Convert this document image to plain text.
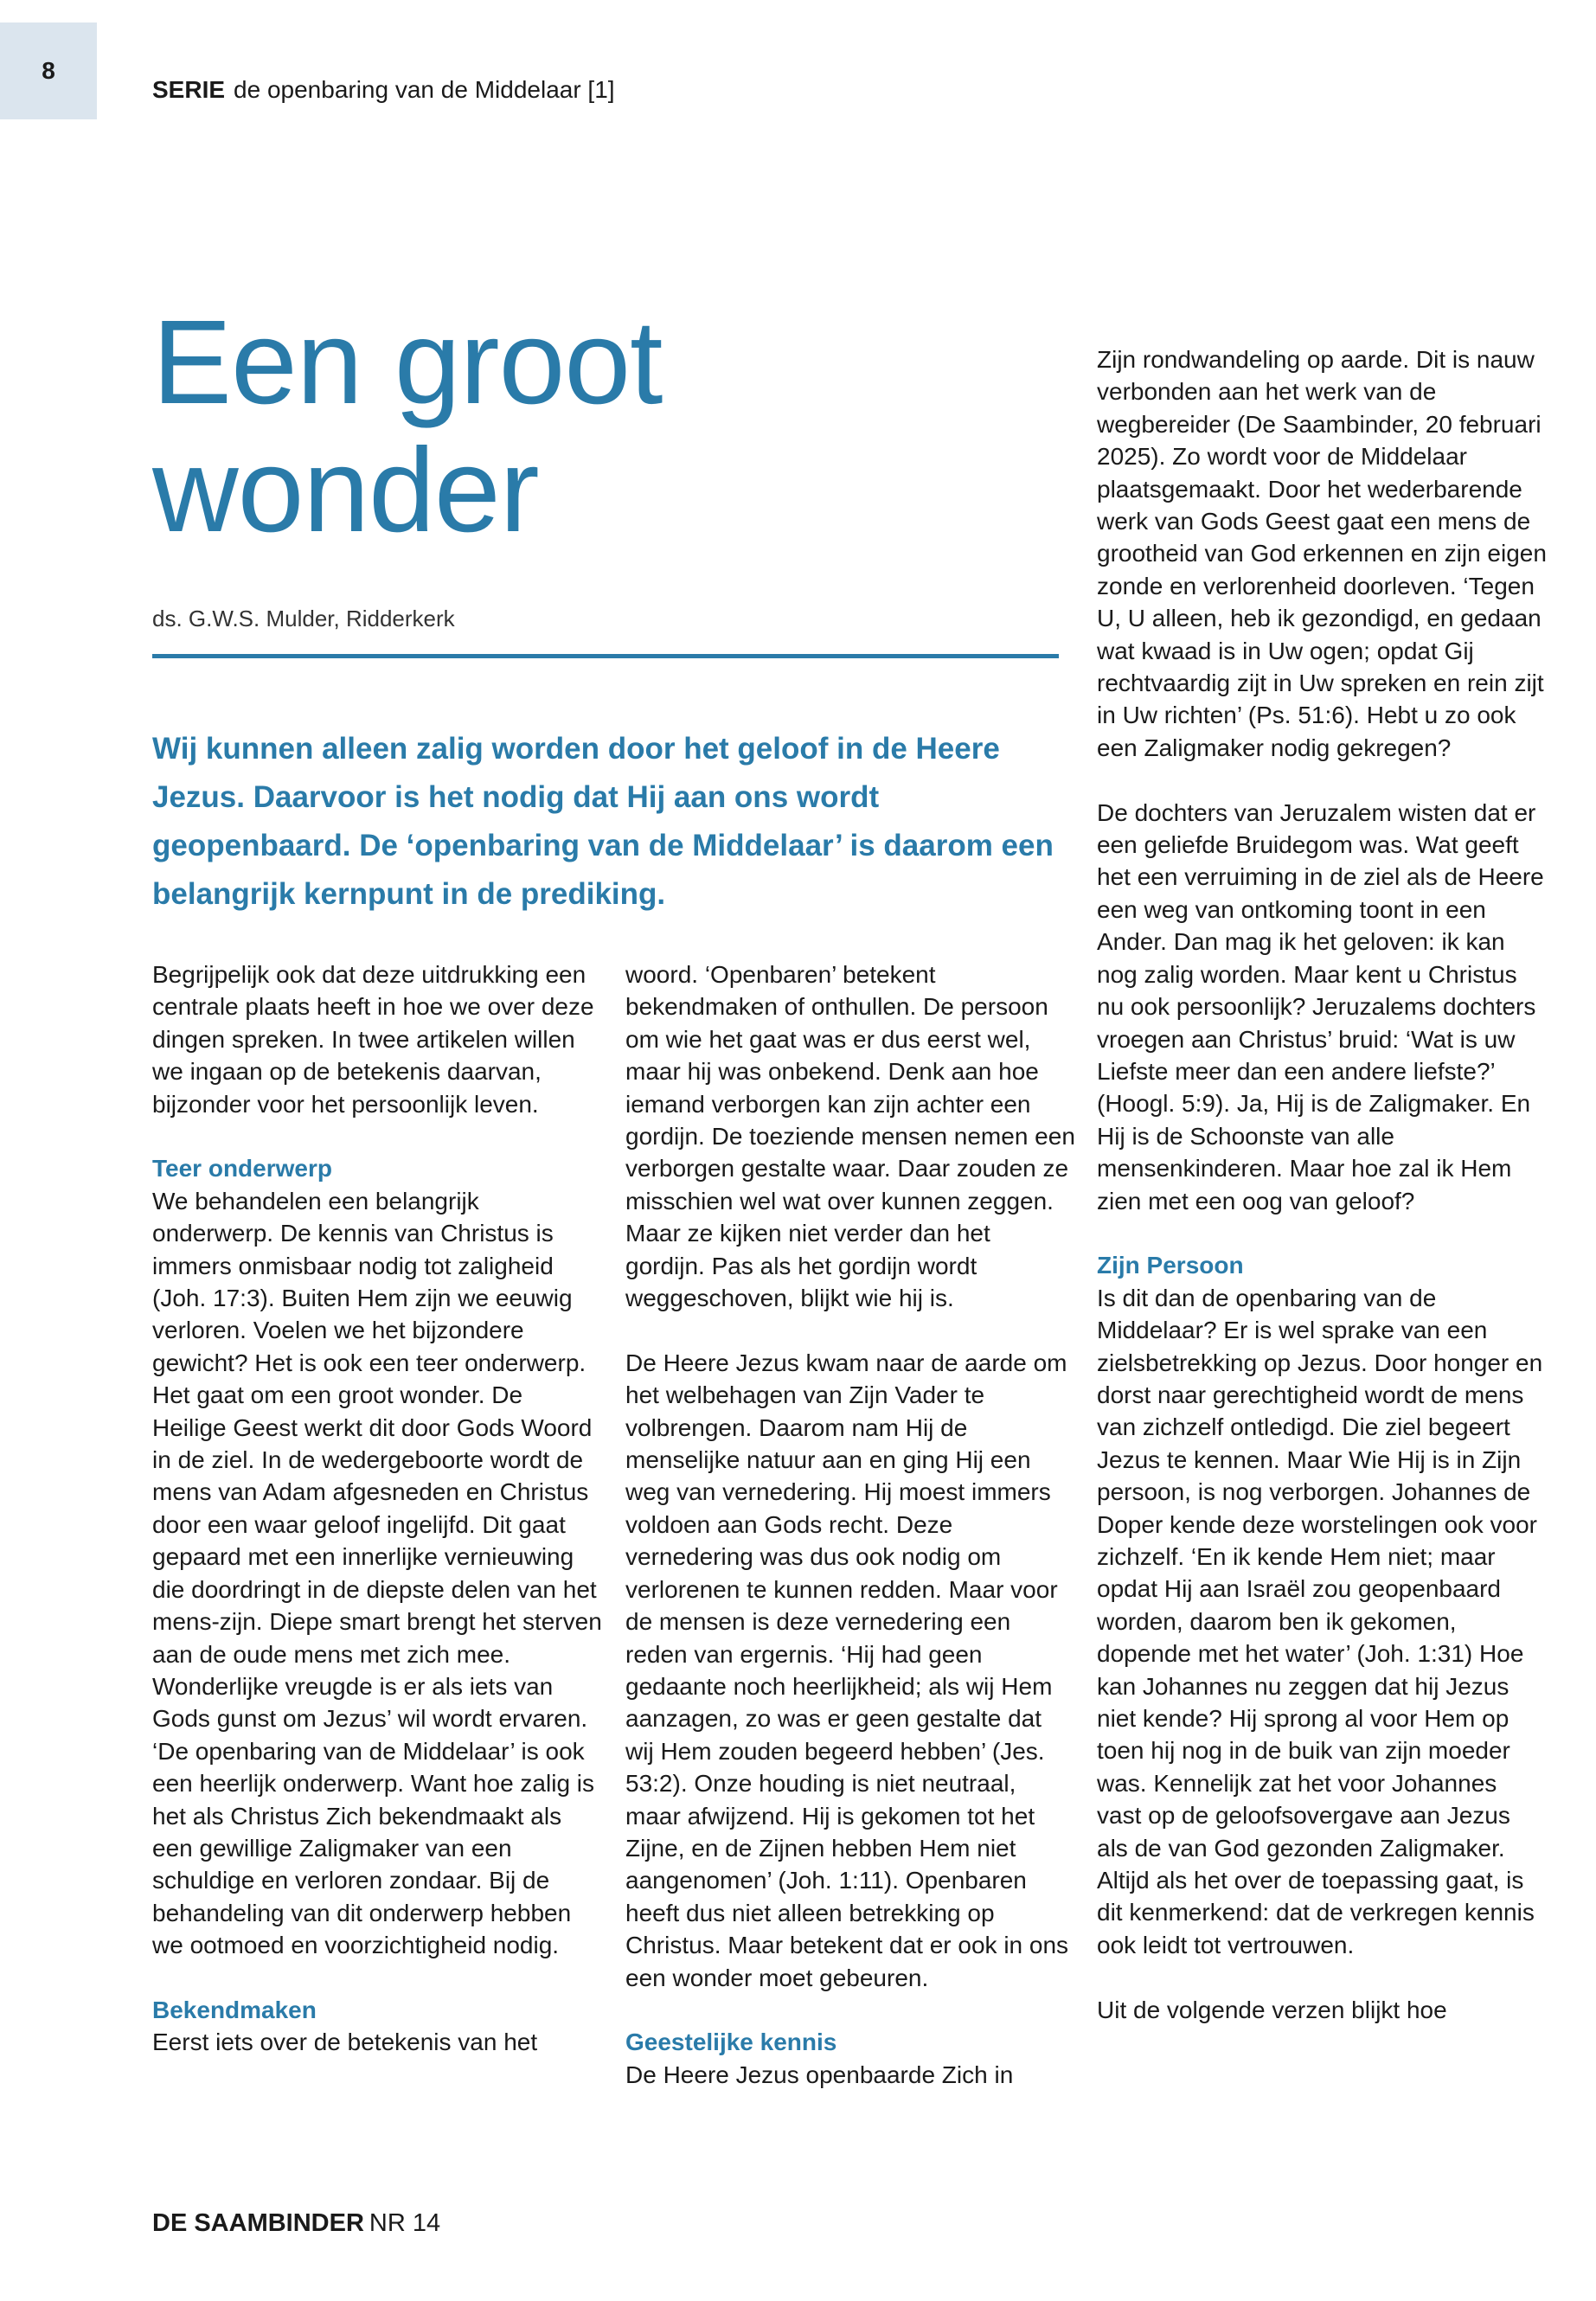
8
SERIE de openbaring van de Middelaar [1]
Een groot
wonder
ds. G.W.S. Mulder, Ridderkerk

Wij kunnen alleen zalig worden door het geloof in de Heere Jezus. Daarvoor is het nodig dat Hij aan ons wordt geopenbaard. De ‘openbaring van de Middelaar’ is daarom een belangrijk kernpunt in de prediking.

Begrijpelijk ook dat deze uitdrukking een centrale plaats heeft in hoe we over deze dingen spreken. In twee artikelen willen we ingaan op de betekenis daarvan, bijzonder voor het persoonlijk leven.

Teer onderwerp

We behandelen een belangrijk onderwerp. De kennis van Christus is immers onmisbaar nodig tot zaligheid (Joh. 17:3). Buiten Hem zijn we eeuwig verloren. Voelen we het bijzondere gewicht? Het is ook een teer onderwerp. Het gaat om een groot wonder. De Heilige Geest werkt dit door Gods Woord in de ziel. In de wedergeboorte wordt de mens van Adam afgesneden en Christus door een waar geloof ingelijfd. Dit gaat gepaard met een innerlijke vernieuwing die doordringt in de diepste delen van het mens-zijn. Diepe smart brengt het sterven aan de oude mens met zich mee. Wonderlijke vreugde is er als iets van Gods gunst om Jezus’ wil wordt ervaren. ‘De openbaring van de Middelaar’ is ook een heerlijk onderwerp. Want hoe zalig is het als Christus Zich bekendmaakt als een gewillige Zaligmaker van een schuldige en verloren zondaar. Bij de behandeling van dit onderwerp hebben we ootmoed en voorzichtigheid nodig.

Bekendmaken

Eerst iets over de betekenis van het

woord. ‘Openbaren’ betekent bekendmaken of onthullen. De persoon om wie het gaat was er dus eerst wel, maar hij was onbekend. Denk aan hoe iemand verborgen kan zijn achter een gordijn. De toeziende mensen nemen een verborgen gestalte waar. Daar zouden ze misschien wel wat over kunnen zeggen. Maar ze kijken niet verder dan het gordijn. Pas als het gordijn wordt weggeschoven, blijkt wie hij is.

De Heere Jezus kwam naar de aarde om het welbehagen van Zijn Vader te volbrengen. Daarom nam Hij de menselijke natuur aan en ging Hij een weg van vernedering. Hij moest immers voldoen aan Gods recht. Deze vernedering was dus ook nodig om verlorenen te kunnen redden. Maar voor de mensen is deze vernedering een reden van ergernis. ‘Hij had geen gedaante noch heerlijkheid; als wij Hem aanzagen, zo was er geen gestalte dat wij Hem zouden begeerd hebben’ (Jes. 53:2). Onze houding is niet neutraal, maar afwijzend. Hij is gekomen tot het Zijne, en de Zijnen hebben Hem niet aangenomen’ (Joh. 1:11). Openbaren heeft dus niet alleen betrekking op Christus. Maar betekent dat er ook in ons een wonder moet gebeuren.

Geestelijke kennis

De Heere Jezus openbaarde Zich in

Zijn rondwandeling op aarde. Dit is nauw verbonden aan het werk van de wegbereider (De Saambinder, 20 februari 2025). Zo wordt voor de Middelaar plaatsgemaakt. Door het wederbarende werk van Gods Geest gaat een mens de grootheid van God erkennen en zijn eigen zonde en verlorenheid doorleven. ‘Tegen U, U alleen, heb ik gezondigd, en gedaan wat kwaad is in Uw ogen; opdat Gij rechtvaardig zijt in Uw spreken en rein zijt in Uw richten’ (Ps. 51:6). Hebt u zo ook een Zaligmaker nodig gekregen?

De dochters van Jeruzalem wisten dat er een geliefde Bruidegom was. Wat geeft het een verruiming in de ziel als de Heere een weg van ontkoming toont in een Ander. Dan mag ik het geloven: ik kan nog zalig worden. Maar kent u Christus nu ook persoonlijk? Jeruzalems dochters vroegen aan Christus’ bruid: ‘Wat is uw Liefste meer dan een andere liefste?’ (Hoogl. 5:9). Ja, Hij is de Zaligmaker. En Hij is de Schoonste van alle mensenkinderen. Maar hoe zal ik Hem zien met een oog van geloof?

Zijn Persoon

Is dit dan de openbaring van de Middelaar? Er is wel sprake van een zielsbetrekking op Jezus. Door honger en dorst naar gerechtigheid wordt de mens van zichzelf ontledigd. Die ziel begeert Jezus te kennen. Maar Wie Hij is in Zijn persoon, is nog verborgen. Johannes de Doper kende deze worstelingen ook voor zichzelf. ‘En ik kende Hem niet; maar opdat Hij aan Israël zou geopenbaard worden, daarom ben ik gekomen, dopende met het water’ (Joh. 1:31) Hoe kan Johannes nu zeggen dat hij Jezus niet kende? Hij sprong al voor Hem op toen hij nog in de buik van zijn moeder was. Kennelijk zat het voor Johannes vast op de geloofsovergave aan Jezus als de van God gezonden Zaligmaker. Altijd als het over de toepassing gaat, is dit kenmerkend: dat de verkregen kennis ook leidt tot vertrouwen.

Uit de volgende verzen blijkt hoe

DE SAAMBINDER NR 14
